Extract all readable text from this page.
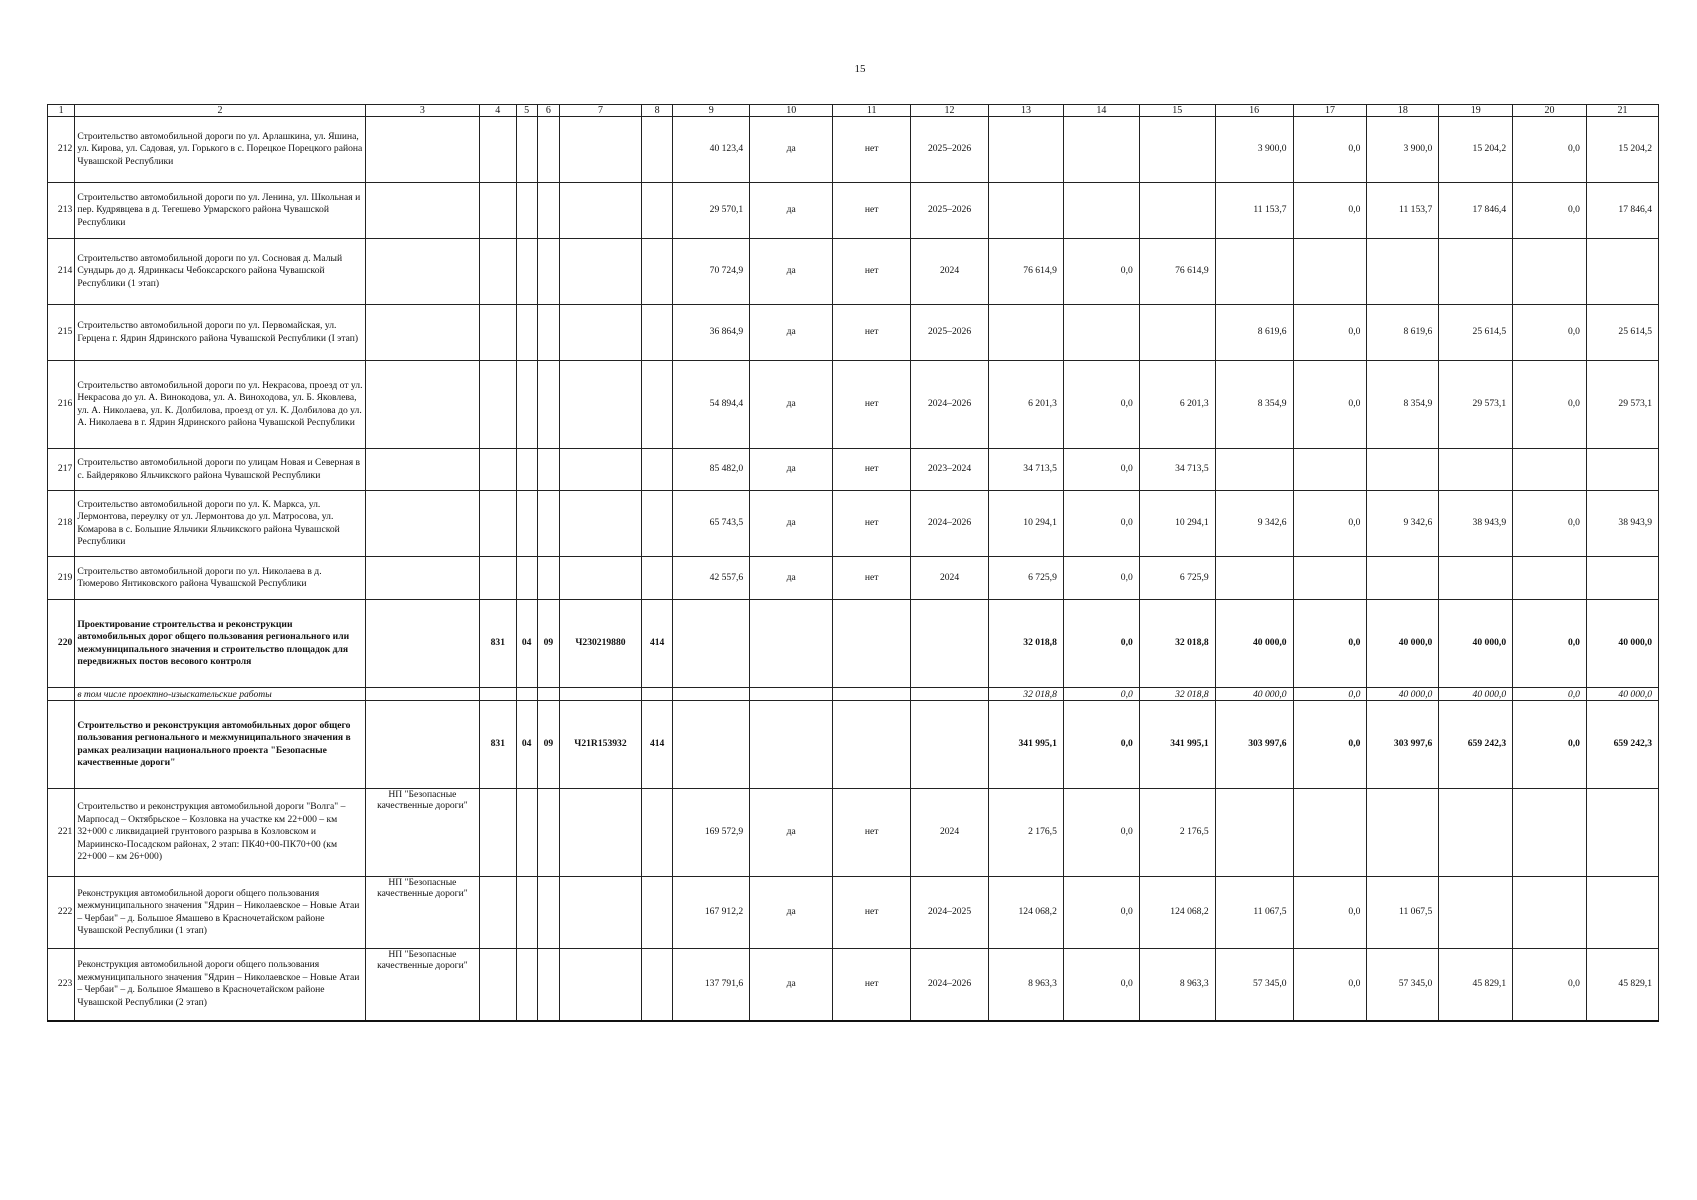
15
1	2	3	4	5	6	7	8	9	10	11	12	13	14	15	16	17	18	19	20	21
212	Строительство автомобильной дороги по ул. Арлашкина, ул. Яшина, ул. Кирова, ул. Садовая, ул. Горького в с. Порецкое Порецкого района Чувашской Республики							40 123,4	да	нет	2025–2026				3 900,0	0,0	3 900,0	15 204,2	0,0	15 204,2
213	Строительство автомобильной дороги по ул. Ленина, ул. Школьная и пер. Кудрявцева в д. Тегешево Урмарского района Чувашской Республики							29 570,1	да	нет	2025–2026				11 153,7	0,0	11 153,7	17 846,4	0,0	17 846,4
214	Строительство автомобильной дороги по ул. Сосновая д. Малый Сундырь до д. Ядринкасы Чебоксарского района Чувашской Республики (1 этап)							70 724,9	да	нет	2024	76 614,9	0,0	76 614,9						
215	Строительство автомобильной дороги по ул. Первомайская, ул. Герцена г. Ядрин Ядринского района Чувашской Республики (I этап)							36 864,9	да	нет	2025–2026				8 619,6	0,0	8 619,6	25 614,5	0,0	25 614,5
216	Строительство автомобильной дороги по ул. Некрасова, проезд от ул. Некрасова до ул. А. Винокодова, ул. А. Виноходова, ул. Б. Яковлева, ул. А. Николаева, ул. К. Долбилова, проезд от ул. К. Долбилова до ул. А. Николаева в г. Ядрин Ядринского района Чувашской Республики							54 894,4	да	нет	2024–2026	6 201,3	0,0	6 201,3	8 354,9	0,0	8 354,9	29 573,1	0,0	29 573,1
217	Строительство автомобильной дороги по улицам Новая и Северная в с. Байдеряково Яльчикского района Чувашской Республики							85 482,0	да	нет	2023–2024	34 713,5	0,0	34 713,5						
218	Строительство автомобильной дороги по ул. К. Маркса, ул. Лермонтова, переулку от ул. Лермонтова до ул. Матросова, ул. Комарова в с. Большие Яльчики Яльчикского района Чувашской Республики							65 743,5	да	нет	2024–2026	10 294,1	0,0	10 294,1	9 342,6	0,0	9 342,6	38 943,9	0,0	38 943,9
219	Строительство автомобильной дороги по ул. Николаева в д. Тюмерово Янтиковского района Чувашской Республики							42 557,6	да	нет	2024	6 725,9	0,0	6 725,9						
220	Проектирование строительства и реконструкции автомобильных дорог общего пользования регионального или межмуниципального значения и строительство площадок для передвижных постов весового контроля		831	04	09	Ч230219880	414					32 018,8	0,0	32 018,8	40 000,0	0,0	40 000,0	40 000,0	0,0	40 000,0
	в том числе проектно-изыскательские работы											32 018,8	0,0	32 018,8	40 000,0	0,0	40 000,0	40 000,0	0,0	40 000,0
	Строительство и реконструкция автомобильных дорог общего пользования регионального и межмуниципального значения в рамках реализации национального проекта "Безопасные качественные дороги"		831	04	09	Ч21R153932	414					341 995,1	0,0	341 995,1	303 997,6	0,0	303 997,6	659 242,3	0,0	659 242,3
221	Строительство и реконструкция автомобильной дороги "Волга" – Марпосад – Октябрьское – Козловка на участке км 22+000 – км 32+000 с ликвидацией грунтового разрыва в Козловском и Мариинско-Посадском районах, 2 этап: ПК40+00-ПК70+00 (км 22+000 – км 26+000)	НП "Безопасные качественные дороги"						169 572,9	да	нет	2024	2 176,5	0,0	2 176,5						
222	Реконструкция автомобильной дороги общего пользования межмуниципального значения "Ядрин – Николаевское – Новые Атаи – Чербаи" – д. Большое Ямашево в Красночетайском районе Чувашской Республики (1 этап)	НП "Безопасные качественные дороги"						167 912,2	да	нет	2024–2025	124 068,2	0,0	124 068,2	11 067,5	0,0	11 067,5			
223	Реконструкция автомобильной дороги общего пользования межмуниципального значения "Ядрин – Николаевское – Новые Атаи – Чербаи" – д. Большое Ямашево в Красночетайском районе Чувашской Республики (2 этап)	НП "Безопасные качественные дороги"						137 791,6	да	нет	2024–2026	8 963,3	0,0	8 963,3	57 345,0	0,0	57 345,0	45 829,1	0,0	45 829,1
